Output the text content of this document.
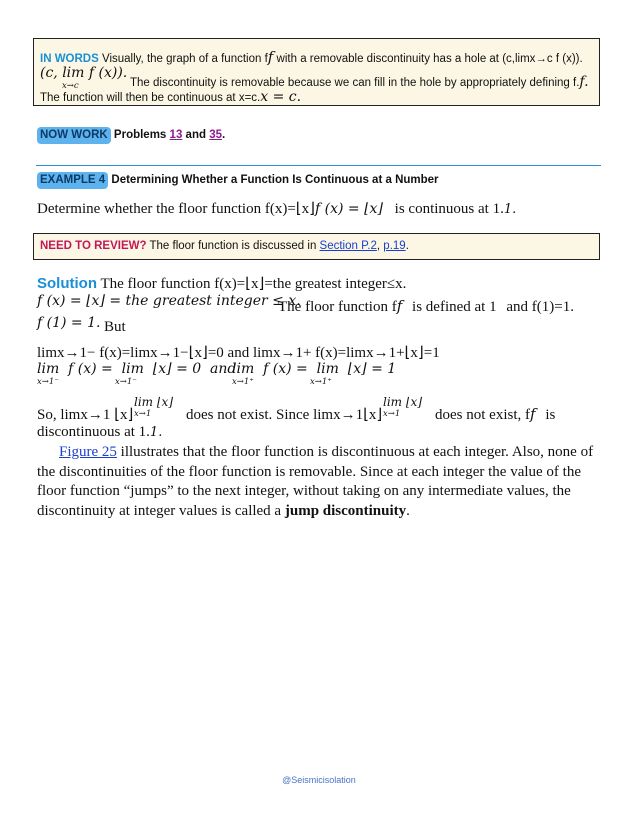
IN WORDS Visually, the graph of a function ff with a removable discontinuity has a hole at (c,limx→c f (x)).
(c, lim f (x)).
x→c	The discontinuity is removable because we can fill in the hole by appropriately defining f.f.
The function will then be continuous at x=c.x = c.
NOW WORK Problems 13 and 35.
EXAMPLE 4 Determining Whether a Function Is Continuous at a Number
Determine whether the floor function f(x)=⌊x⌋f (x) = ⌊x⌋ is continuous at 1.1.
NEED TO REVIEW? The floor function is discussed in Section P.2, p.19.
Solution The floor function f(x)=⌊x⌋=the greatest integer≤x.
f (x) = ⌊x⌋ = the greatest integer ≤ x.
The floor function ff is defined at 1 and f(1)=1.
f (1) = 1. But
limx→1− f(x)=limx→1−⌊x⌋=0 and limx→1+ f(x)=limx→1+⌊x⌋=1
lim  f (x) =  lim  ⌊x⌋ = 0  and
x→1⁻	x→1⁻
lim  f (x) =  lim  ⌊x⌋ = 1
x→1⁺	x→1⁺
So, limx→1 ⌊x⌋
lim ⌊x⌋
x→1 does not exist. Since limx→1⌊x⌋
lim ⌊x⌋
x→1 does not exist, ff is
discontinuous at 1.1.
Figure 25 illustrates that the floor function is discontinuous at each integer. Also, none of
the discontinuities of the floor function is removable. Since at each integer the value of the
floor function “jumps” to the next integer, without taking on any intermediate values, the
discontinuity at integer values is called a jump discontinuity.
@Seismicisolation
